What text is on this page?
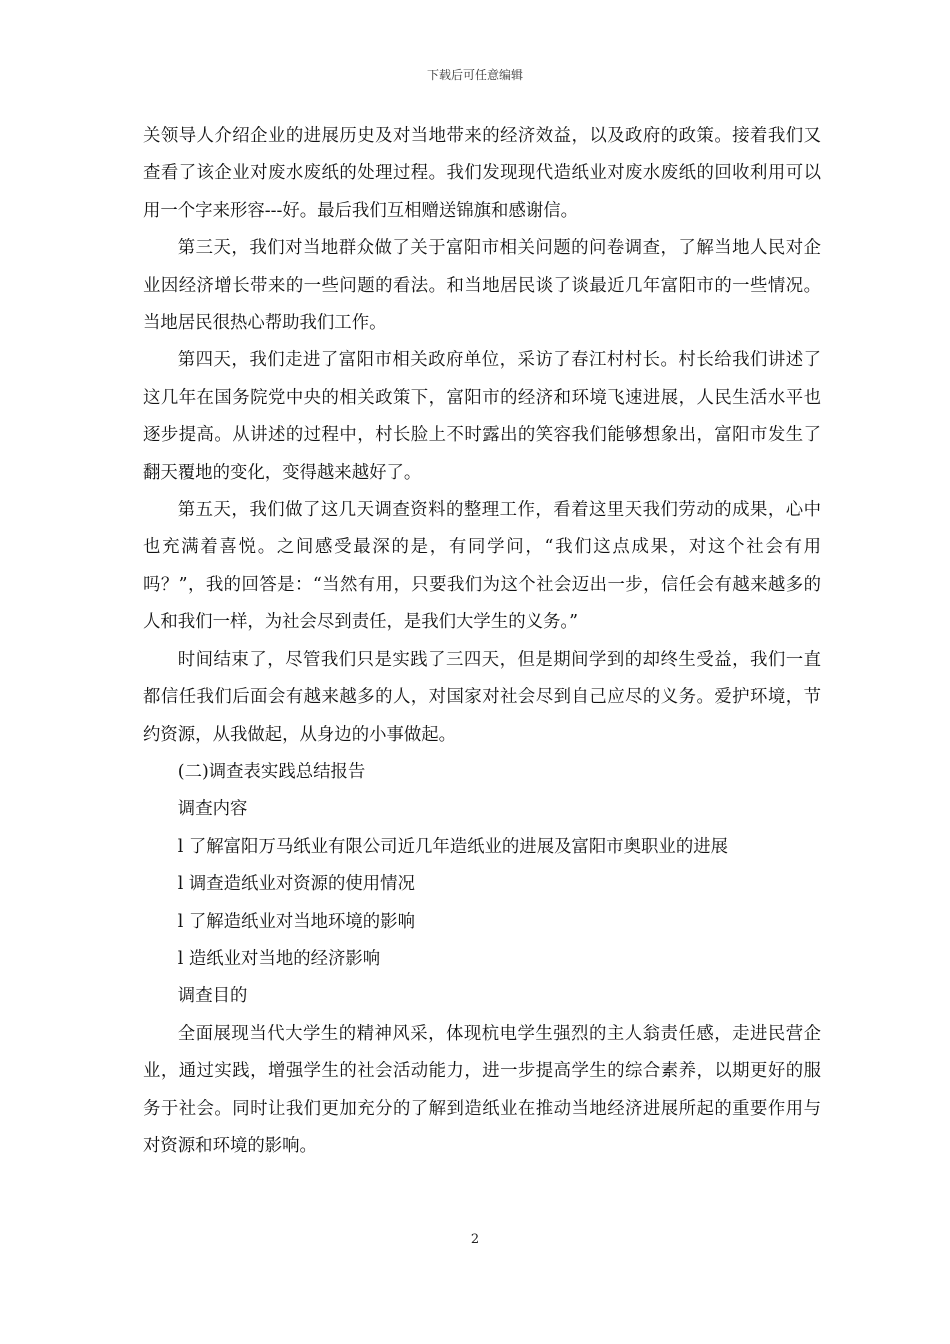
下载后可任意编辑

关领导人介绍企业的进展历史及对当地带来的经济效益，以及政府的政策。接着我们又查看了该企业对废水废纸的处理过程。我们发现现代造纸业对废水废纸的回收利用可以用一个字来形容---好。最后我们互相赠送锦旗和感谢信。

第三天，我们对当地群众做了关于富阳市相关问题的问卷调查，了解当地人民对企业因经济增长带来的一些问题的看法。和当地居民谈了谈最近几年富阳市的一些情况。当地居民很热心帮助我们工作。

第四天，我们走进了富阳市相关政府单位，采访了春江村村长。村长给我们讲述了这几年在国务院党中央的相关政策下，富阳市的经济和环境飞速进展，人民生活水平也逐步提高。从讲述的过程中，村长脸上不时露出的笑容我们能够想象出，富阳市发生了翻天覆地的变化，变得越来越好了。

第五天，我们做了这几天调查资料的整理工作，看着这里天我们劳动的成果，心中也充满着喜悦。之间感受最深的是，有同学问，“我们这点成果，对这个社会有用吗？”，我的回答是：“当然有用，只要我们为这个社会迈出一步，信任会有越来越多的人和我们一样，为社会尽到责任，是我们大学生的义务。”

时间结束了，尽管我们只是实践了三四天，但是期间学到的却终生受益，我们一直都信任我们后面会有越来越多的人，对国家对社会尽到自己应尽的义务。爱护环境，节约资源，从我做起，从身边的小事做起。

(二)调查表实践总结报告

调查内容

l 了解富阳万马纸业有限公司近几年造纸业的进展及富阳市奥职业的进展

l 调查造纸业对资源的使用情况

l 了解造纸业对当地环境的影响

l 造纸业对当地的经济影响

调查目的

全面展现当代大学生的精神风采，体现杭电学生强烈的主人翁责任感，走进民营企业，通过实践，增强学生的社会活动能力，进一步提高学生的综合素养，以期更好的服务于社会。同时让我们更加充分的了解到造纸业在推动当地经济进展所起的重要作用与对资源和环境的影响。

2
